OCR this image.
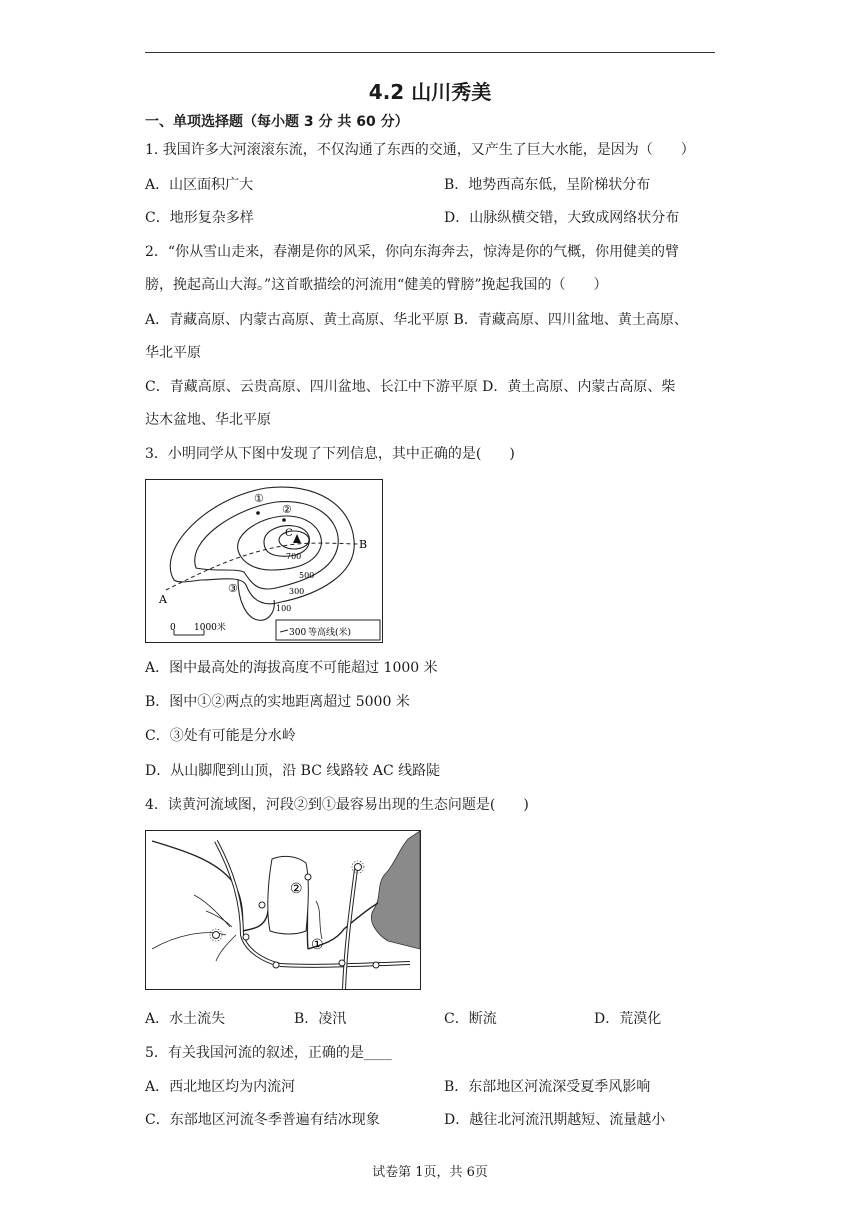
4.2 山川秀美
一、单项选择题（每小题 3 分 共 60 分）
1. 我国许多大河滚滚东流，不仅沟通了东西的交通，又产生了巨大水能，是因为（　　）
A．山区面积广大	B．地势西高东低，呈阶梯状分布
C．地形复杂多样	D．山脉纵横交错，大致成网络状分布
2．“你从雪山走来，春潮是你的风采，你向东海奔去，惊涛是你的气概，你用健美的臂
膀，挽起高山大海。”这首歌描绘的河流用“健美的臂膀”挽起我国的（　　）
A．青藏高原、内蒙古高原、黄土高原、华北平原 B．青藏高原、四川盆地、黄土高原、
华北平原
C．青藏高原、云贵高原、四川盆地、长江中下游平原 D．黄土高原、内蒙古高原、柴
达木盆地、华北平原
3．小明同学从下图中发现了下列信息，其中正确的是(　　)
①
②
③
A
B
C
700
500
300
100
0 1000米	300 等高线(米)
A．图中最高处的海拔高度不可能超过 1000 米
B．图中①②两点的实地距离超过 5000 米
C．③处有可能是分水岭
D．从山脚爬到山顶，沿 BC 线路较 AC 线路陡
4．读黄河流域图，河段②到①最容易出现的生态问题是(　　)
②
①
A．水土流失	B．凌汛	C．断流	D．荒漠化
5．有关我国河流的叙述，正确的是____
A．西北地区均为内流河	B．东部地区河流深受夏季风影响
C．东部地区河流冬季普遍有结冰现象	D．越往北河流汛期越短、流量越小
试卷第 1页，共 6页
